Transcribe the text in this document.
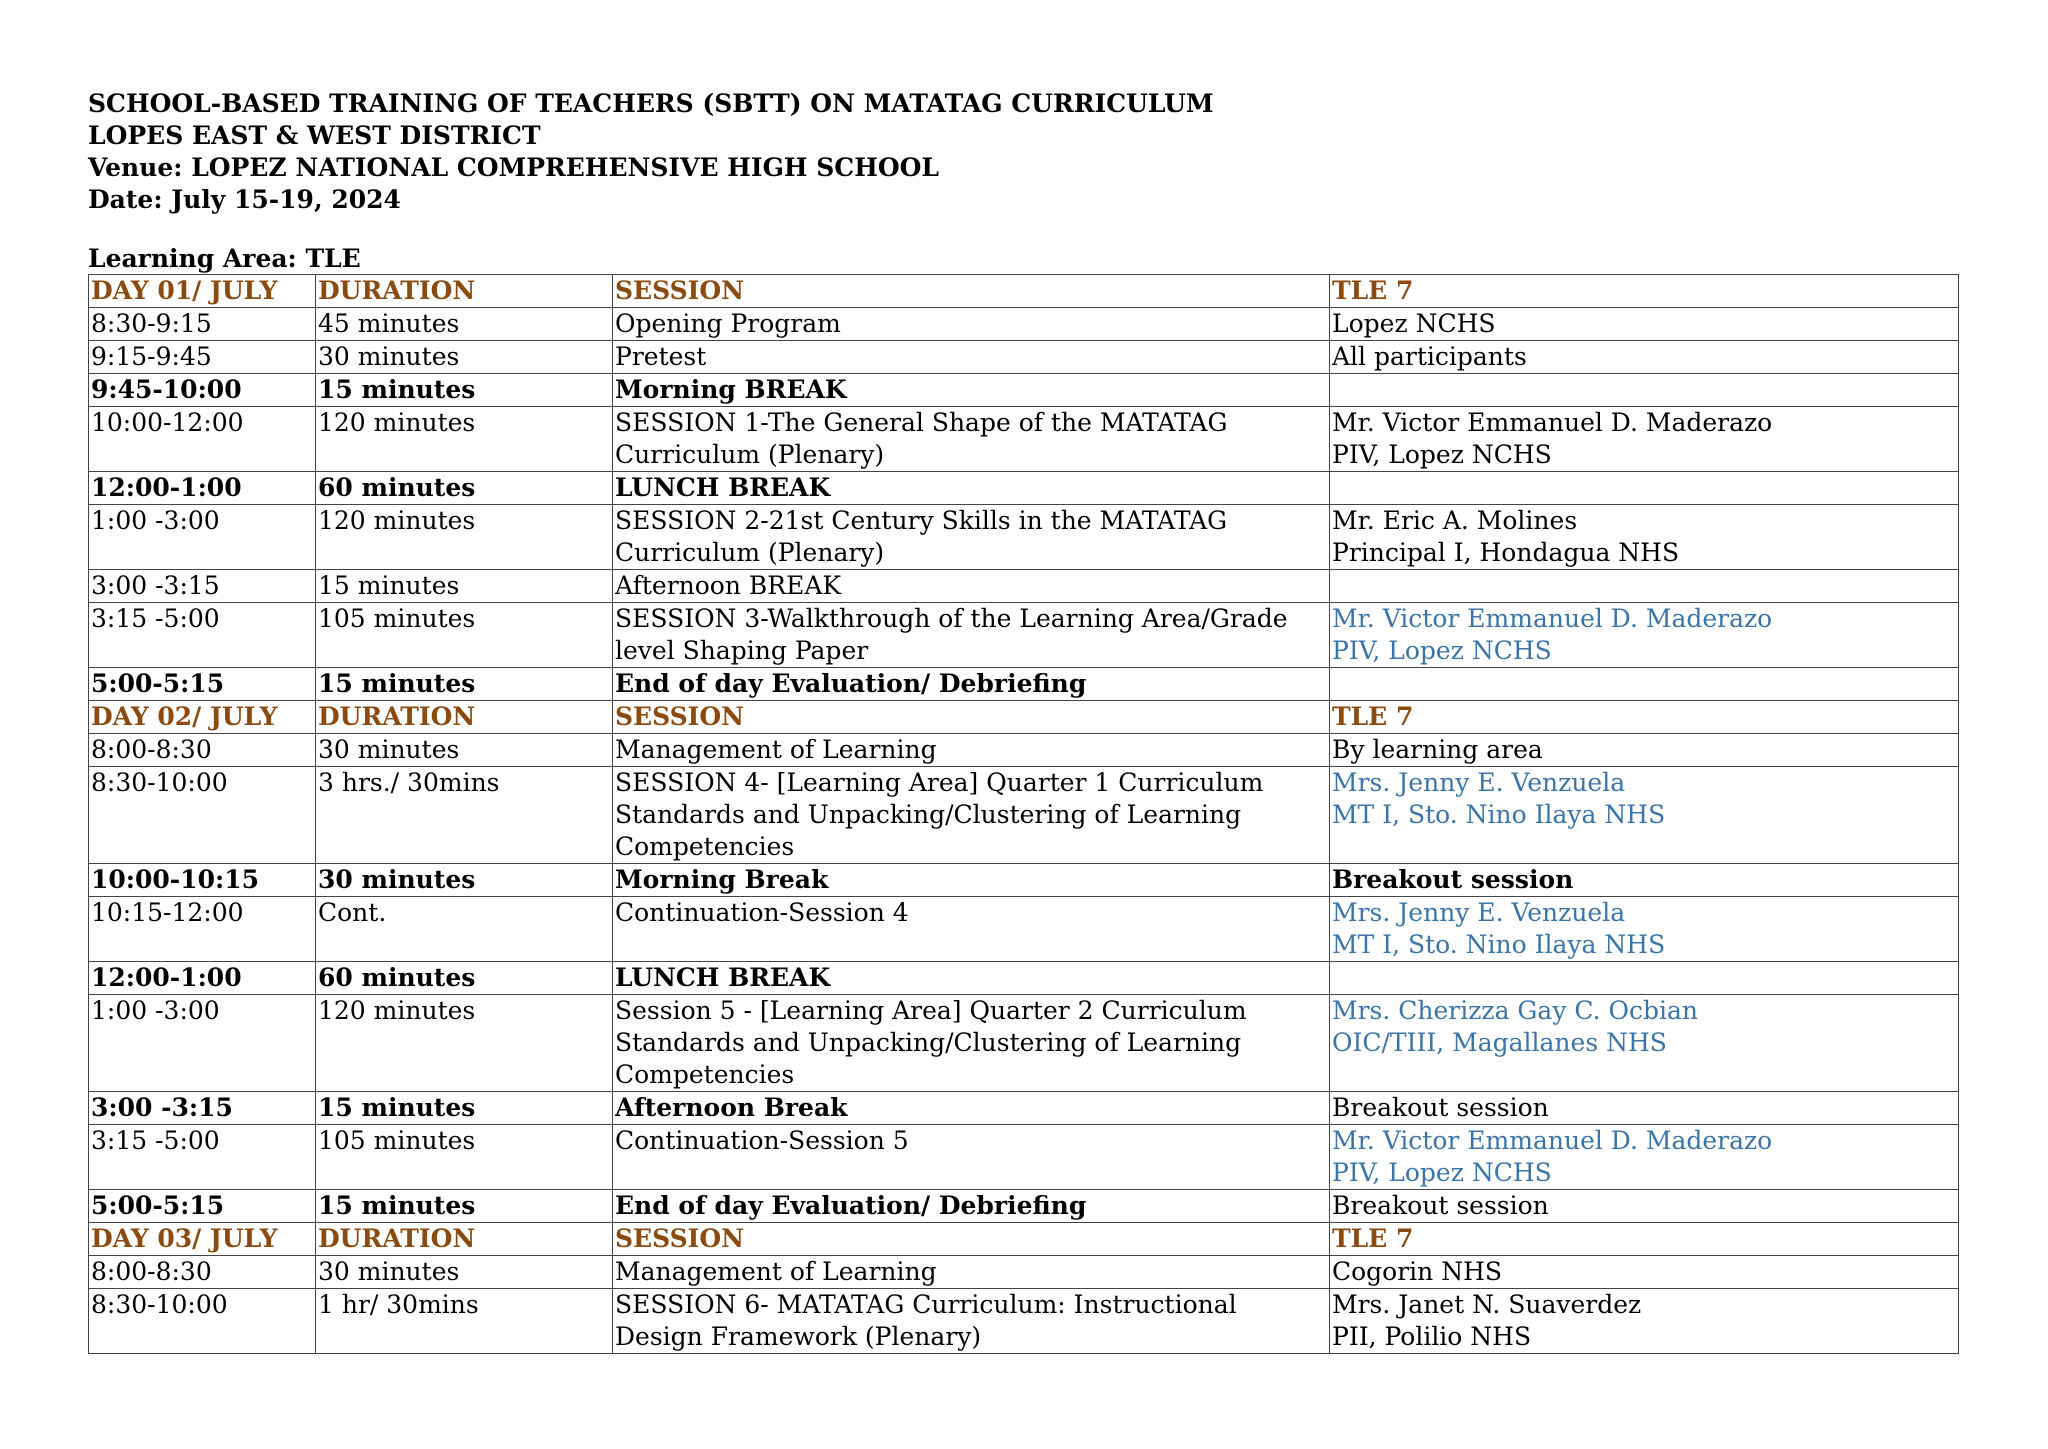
SCHOOL-BASED TRAINING OF TEACHERS (SBTT) ON MATATAG CURRICULUM
LOPES EAST & WEST DISTRICT
Venue: LOPEZ NATIONAL COMPREHENSIVE HIGH SCHOOL
Date: July 15-19, 2024
Learning Area: TLE
DAY 01/ JULY	DURATION	SESSION	TLE 7

8:30-9:15	45 minutes	Opening Program	Lopez NCHS

9:15-9:45	30 minutes	Pretest	All participants

9:45-10:00	15 minutes	Morning BREAK	

10:00-12:00	120 minutes	SESSION 1-The General Shape of the MATATAG
Curriculum (Plenary)	Mr. Victor Emmanuel D. Maderazo
PIV, Lopez NCHS

12:00-1:00	60 minutes	LUNCH BREAK	

1:00 -3:00	120 minutes	SESSION 2-21st Century Skills in the MATATAG
Curriculum (Plenary)	Mr. Eric A. Molines
Principal I, Hondagua NHS

3:00 -3:15	15 minutes	Afternoon BREAK	

3:15 -5:00	105 minutes	SESSION 3-Walkthrough of the Learning Area/Grade
level Shaping Paper	Mr. Victor Emmanuel D. Maderazo
PIV, Lopez NCHS

5:00-5:15	15 minutes	End of day Evaluation/ Debriefing	

DAY 02/ JULY	DURATION	SESSION	TLE 7

8:00-8:30	30 minutes	Management of Learning	By learning area

8:30-10:00	3 hrs./ 30mins	SESSION 4- [Learning Area] Quarter 1 Curriculum
Standards and Unpacking/Clustering of Learning
Competencies	Mrs. Jenny E. Venzuela
MT I, Sto. Nino Ilaya NHS

10:00-10:15	30 minutes	Morning Break	Breakout session

10:15-12:00	Cont.	Continuation-Session 4	Mrs. Jenny E. Venzuela
MT I, Sto. Nino Ilaya NHS

12:00-1:00	60 minutes	LUNCH BREAK	

1:00 -3:00	120 minutes	Session 5 - [Learning Area] Quarter 2 Curriculum
Standards and Unpacking/Clustering of Learning
Competencies	Mrs. Cherizza Gay C. Ocbian
OIC/TIII, Magallanes NHS

3:00 -3:15	15 minutes	Afternoon Break	Breakout session

3:15 -5:00	105 minutes	Continuation-Session 5	Mr. Victor Emmanuel D. Maderazo
PIV, Lopez NCHS

5:00-5:15	15 minutes	End of day Evaluation/ Debriefing	Breakout session

DAY 03/ JULY	DURATION	SESSION	TLE 7

8:00-8:30	30 minutes	Management of Learning	Cogorin NHS

8:30-10:00	1 hr/ 30mins	SESSION 6- MATATAG Curriculum: Instructional
Design Framework (Plenary)	Mrs. Janet N. Suaverdez
PII, Polilio NHS
